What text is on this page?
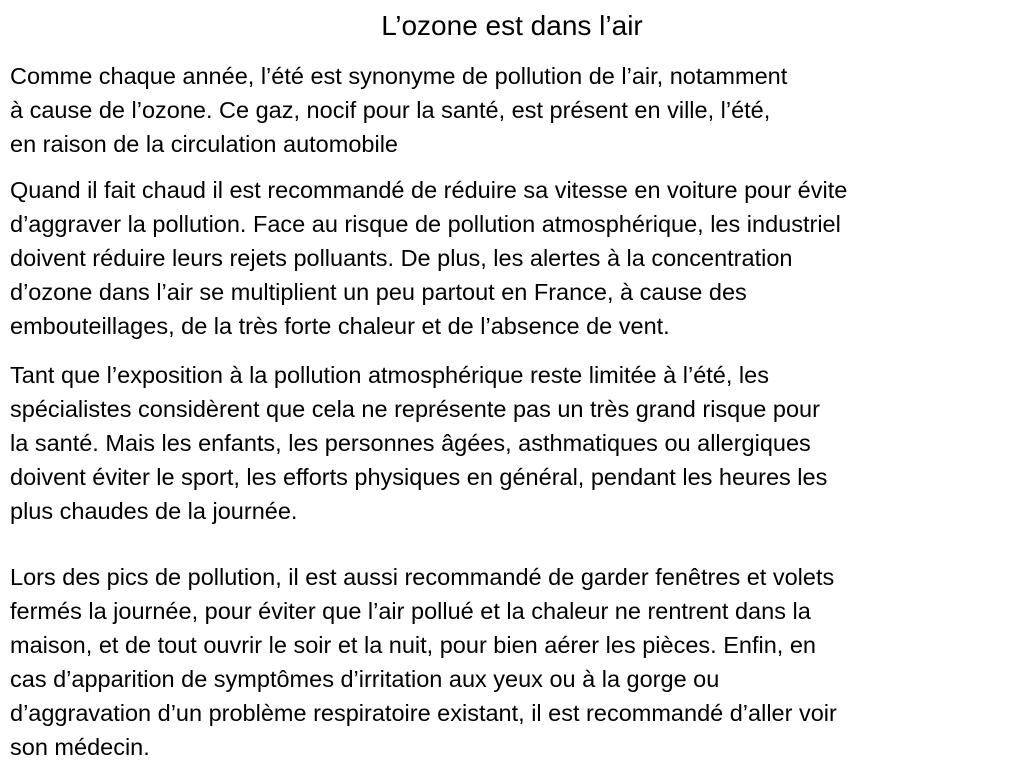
L’ozone est dans l’air
Comme chaque année, l’été est synonyme de pollution de l’air, notamment
à cause de l’ozone. Ce gaz, nocif pour la santé, est présent en ville, l’été,
en raison de la circulation automobile
Quand il fait chaud il est recommandé de réduire sa vitesse en voiture pour évite
d’aggraver la pollution. Face au risque de pollution atmosphérique, les industriel
doivent réduire leurs rejets polluants. De plus, les alertes à la concentration
d’ozone dans l’air se multiplient un peu partout en France, à cause des
embouteillages, de la très forte chaleur et de l’absence de vent.
Tant que l’exposition à la pollution atmosphérique reste limitée à l’été, les
spécialistes considèrent que cela ne représente pas un très grand risque pour
la santé. Mais les enfants, les personnes âgées, asthmatiques ou allergiques
doivent éviter le sport, les efforts physiques en général, pendant les heures les
plus chaudes de la journée.
Lors des pics de pollution, il est aussi recommandé de garder fenêtres et volets
fermés la journée, pour éviter que l’air pollué et la chaleur ne rentrent dans la
maison, et de tout ouvrir le soir et la nuit, pour bien aérer les pièces. Enfin, en
cas d’apparition de symptômes d’irritation aux yeux ou à la gorge ou
d’aggravation d’un problème respiratoire existant, il est recommandé d’aller voir
son médecin.
